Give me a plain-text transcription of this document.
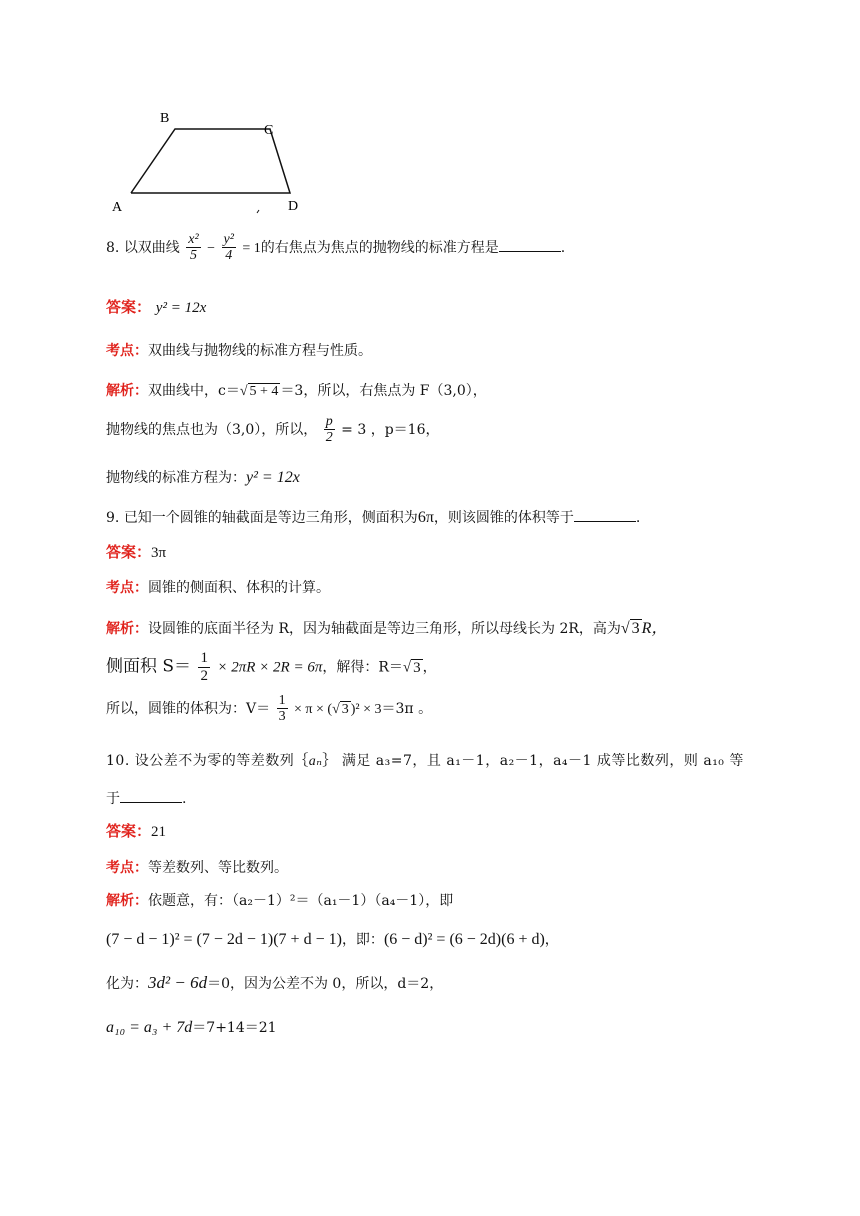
B
C
A	D
8. 以双曲线 $\frac{\text{x²}}{5} - \frac{\text{y²}}{4} = 1$的右焦点为焦点的抛物线的标准方程是	.
答案： y² = 12x
考点：双曲线与抛物线的标准方程与性质。
解析：双曲线中，c＝√ 5 + 4 ＝3，所以，右焦点为 F（3,0），
抛物线的焦点也为（3,0），所以， $\frac{p}{2} = 3$ ，p＝16，
抛物线的标准方程为：y² = 12x
9. 已知一个圆锥的轴截面是等边三角形，侧面积为6π，则该圆锥的体积等于	.
答案：3π
考点：圆锥的侧面积、体积的计算。
解析：设圆锥的底面半径为 R，因为轴截面是等边三角形，所以母线长为 2R，高为√ 3 R，
侧面积 $S= \frac{1}{2} \times 2\pi R \times 2R = 6\pi$，解得：R＝√ 3 ，
所以，圆锥的体积为：$V= \frac{1}{3} \times \pi$ × (√ 3 )² × 3＝3π 。
10. 设公差不为零的等差数列｛aₙ｝ 满足 a₃=7，且 a₁－1，a₂－1，a₄－1 成等比数列，则 a₁₀ 等
于	.
答案：21
考点：等差数列、等比数列。
解析：依题意，有：（a₂－1）²＝（a₁－1）（a₄－1），即
(7 − d − 1)² = (7 − 2d − 1)(7 + d − 1)，即：(6 − d)² = (6 − 2d)(6 + d)，
化为：3d² − 6d＝0，因为公差不为 0，所以，d＝2，
a₁₀ = a₃ + 7d＝7+14＝21
